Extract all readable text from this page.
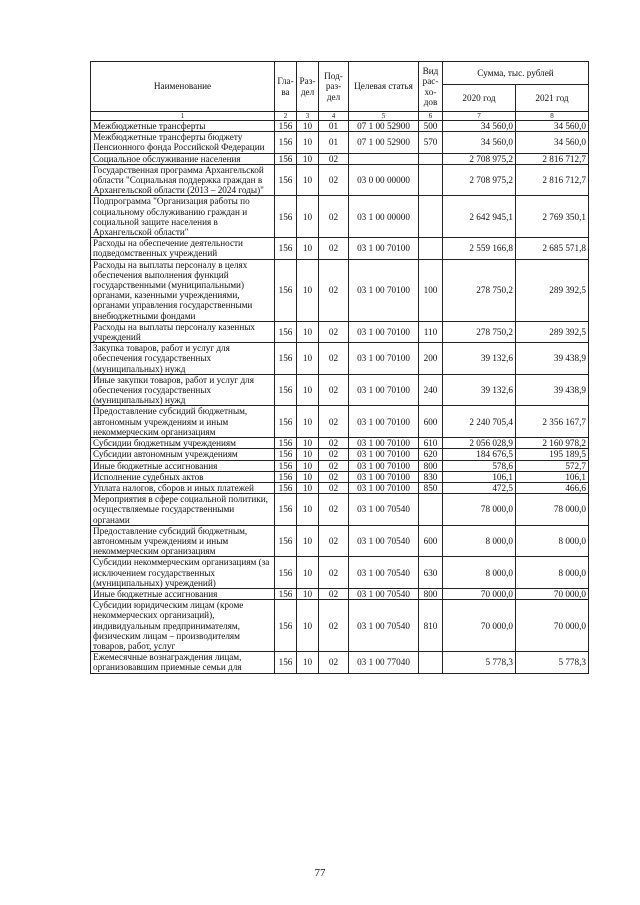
Наименование	Гла-ва	Раз-дел	Под-раз-дел	Целевая статья	Вид рас-хо-дов	Сумма, тыс. рублей	
						2020 год	2021 год
1	2	3	4	5	6	7	8
Межбюджетные трансферты	156	10	01	07 1 00 52900	500	34 560,0	34 560,0
Межбюджетные трансферты бюджету Пенсионного фонда Российской Федерации	156	10	01	07 1 00 52900	570	34 560,0	34 560,0
Социальное обслуживание населения	156	10	02			2 708 975,2	2 816 712,7
Государственная программа Архангельской области "Социальная поддержка граждан в Архангельской области (2013 – 2024 годы)"	156	10	02	03 0 00 00000		2 708 975,2	2 816 712,7
Подпрограмма "Организация работы по социальному обслуживанию граждан и социальной защите населения в Архангельской области"	156	10	02	03 1 00 00000		2 642 945,1	2 769 350,1
Расходы на обеспечение деятельности подведомственных учреждений	156	10	02	03 1 00 70100		2 559 166,8	2 685 571,8
Расходы на выплаты персоналу в целях обеспечения выполнения функций государственными (муниципальными) органами, казенными учреждениями, органами управления государственными внебюджетными фондами	156	10	02	03 1 00 70100	100	278 750,2	289 392,5
Расходы на выплаты персоналу казенных учреждений	156	10	02	03 1 00 70100	110	278 750,2	289 392,5
Закупка товаров, работ и услуг для обеспечения государственных (муниципальных) нужд	156	10	02	03 1 00 70100	200	39 132,6	39 438,9
Иные закупки товаров, работ и услуг для обеспечения государственных (муниципальных) нужд	156	10	02	03 1 00 70100	240	39 132,6	39 438,9
Предоставление субсидий бюджетным, автономным учреждениям и иным некоммерческим организациям	156	10	02	03 1 00 70100	600	2 240 705,4	2 356 167,7
Субсидии бюджетным учреждениям	156	10	02	03 1 00 70100	610	2 056 028,9	2 160 978,2
Субсидии автономным учреждениям	156	10	02	03 1 00 70100	620	184 676,5	195 189,5
Иные бюджетные ассигнования	156	10	02	03 1 00 70100	800	578,6	572,7
Исполнение судебных актов	156	10	02	03 1 00 70100	830	106,1	106,1
Уплата налогов, сборов и иных платежей	156	10	02	03 1 00 70100	850	472,5	466,6
Мероприятия в сфере социальной политики, осуществляемые государственными органами	156	10	02	03 1 00 70540		78 000,0	78 000,0
Предоставление субсидий бюджетным, автономным учреждениям и иным некоммерческим организациям	156	10	02	03 1 00 70540	600	8 000,0	8 000,0
Субсидии некоммерческим организациям (за исключением государственных (муниципальных) учреждений)	156	10	02	03 1 00 70540	630	8 000,0	8 000,0
Иные бюджетные ассигнования	156	10	02	03 1 00 70540	800	70 000,0	70 000,0
Субсидии юридическим лицам (кроме некоммерческих организаций), индивидуальным предпринимателям, физическим лицам – производителям товаров, работ, услуг	156	10	02	03 1 00 70540	810	70 000,0	70 000,0
Ежемесячные вознаграждения лицам, организовавшим приемные семьи для	156	10	02	03 1 00 77040		5 778,3	5 778,3
77
